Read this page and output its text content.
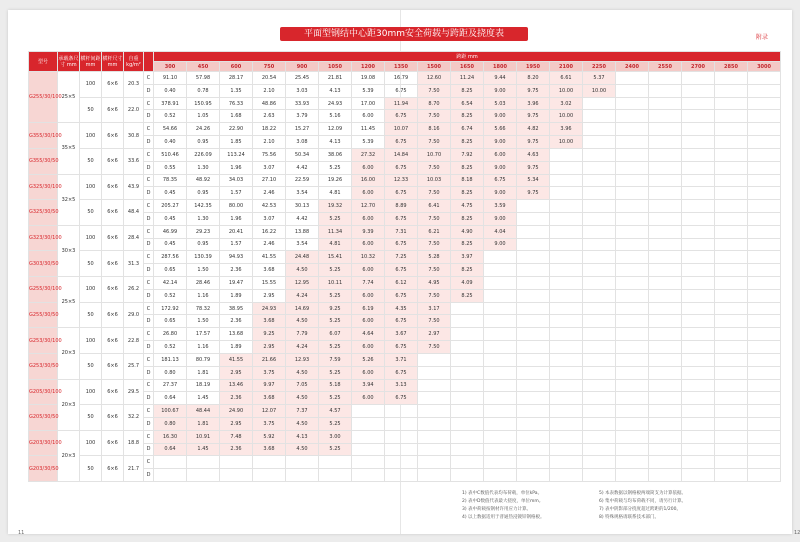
平面型钢结中心距30mm安全荷载与跨距及挠度表	附录
型号	承载条尺寸 mm	横杆间距 mm	横杆尺寸 mm	自重 kg/m²		跨距 mm																		
						300	450	600	750	900	1050	1200	1350	1500	1650	1800	1950	2100	2250	2400	2550	2700	2850	3000
G255/30/100	25×5	100	6×6	20.3	C	91.10	57.98	28.17	20.54	25.45	21.81	19.08	16.79	12.60	11.24	9.44	8.20	6.61	5.37					
					D	0.40	0.78	1.35	2.10	3.03	4.13	5.39	6.75	7.50	8.25	9.00	9.75	10.00	10.00					
		50	6×6	22.0	C	378.91	150.95	76.33	48.86	33.93	24.93	17.00	11.94	8.70	6.54	5.03	3.96	3.02						
					D	0.52	1.05	1.68	2.63	3.79	5.16	6.00	6.75	7.50	8.25	9.00	9.75	10.00						
G355/30/100	35×5	100	6×6	30.8	C	54.66	24.26	22.90	18.22	15.27	12.09	11.45	10.07	8.16	6.74	5.66	4.82	3.96						
					D	0.40	0.95	1.85	2.10	3.08	4.13	5.39	6.75	7.50	8.25	9.00	9.75	10.00						
G355/30/50		50	6×6	33.6	C	510.46	226.09	113.24	75.56	50.34	38.06	27.32	14.84	10.70	7.92	6.00	4.63							
					D	0.55	1.30	1.96	3.07	4.42	5.25	6.00	6.75	7.50	8.25	9.00	9.75							
G325/30/100	32×5	100	6×6	43.9	C	78.35	48.92	34.03	27.10	22.59	19.26	16.00	12.33	10.03	8.18	6.75	5.34							
					D	0.45	0.95	1.57	2.46	3.54	4.81	6.00	6.75	7.50	8.25	9.00	9.75							
G325/30/50		50	6×6	48.4	C	205.27	142.35	80.00	42.53	30.13	19.32	12.70	8.89	6.41	4.75	3.59								
					D	0.45	1.30	1.96	3.07	4.42	5.25	6.00	6.75	7.50	8.25	9.00								
G323/30/100	30×3	100	6×6	28.4	C	46.99	29.23	20.41	16.22	13.88	11.34	9.39	7.31	6.21	4.90	4.04								
					D	0.45	0.95	1.57	2.46	3.54	4.81	6.00	6.75	7.50	8.25	9.00								
G303/30/50		50	6×6	31.3	C	287.56	130.39	94.93	41.55	24.48	15.41	10.32	7.25	5.28	3.97									
					D	0.65	1.50	2.36	3.68	4.50	5.25	6.00	6.75	7.50	8.25									
G255/30/100	25×5	100	6×6	26.2	C	42.14	28.46	19.47	15.55	12.95	10.11	7.74	6.12	4.95	4.09									
					D	0.52	1.16	1.89	2.95	4.24	5.25	6.00	6.75	7.50	8.25									
G255/30/50		50	6×6	29.0	C	172.92	78.32	38.95	24.93	14.69	9.25	6.19	4.35	3.17										
					D	0.65	1.50	2.36	3.68	4.50	5.25	6.00	6.75	7.50										
G253/30/100	20×3	100	6×6	22.8	C	26.80	17.57	13.68	9.25	7.79	6.07	4.64	3.67	2.97										
					D	0.52	1.16	1.89	2.95	4.24	5.25	6.00	6.75	7.50										
G253/30/50		50	6×6	25.7	C	181.13	80.79	41.55	21.66	12.93	7.59	5.26	3.71											
					D	0.80	1.81	2.95	3.75	4.50	5.25	6.00	6.75											
G205/30/100	20×3	100	6×6	29.5	C	27.37	18.19	13.46	9.97	7.05	5.18	3.94	3.13											
					D	0.64	1.45	2.36	3.68	4.50	5.25	6.00	6.75											
G205/30/50		50	6×6	32.2	C	100.67	48.44	24.90	12.07	7.37	4.57													
					D	0.80	1.81	2.95	3.75	4.50	5.25													
G203/30/100	20×3	100	6×6	18.8	C	16.30	10.91	7.48	5.92	4.13	3.00													
					D	0.64	1.45	2.36	3.68	4.50	5.25													
G203/30/50		50	6×6	21.7	C																			
					D																			
1) 表中C数值代表均布荷载，单位kPa。
2) 表中D数值代表最大挠度，单位mm。
3) 表中荷载按钢材许用应力计算。
4) 以上数据适用于普通热浸镀锌钢格板。
5) 本表数据以钢格板两端简支为计算依据。
6) 集中荷载与均布荷载不同，请另行计算。
7) 表中阴影部分挠度超过跨距的1/200。
8) 特殊规格请联系技术部门。
11	12
